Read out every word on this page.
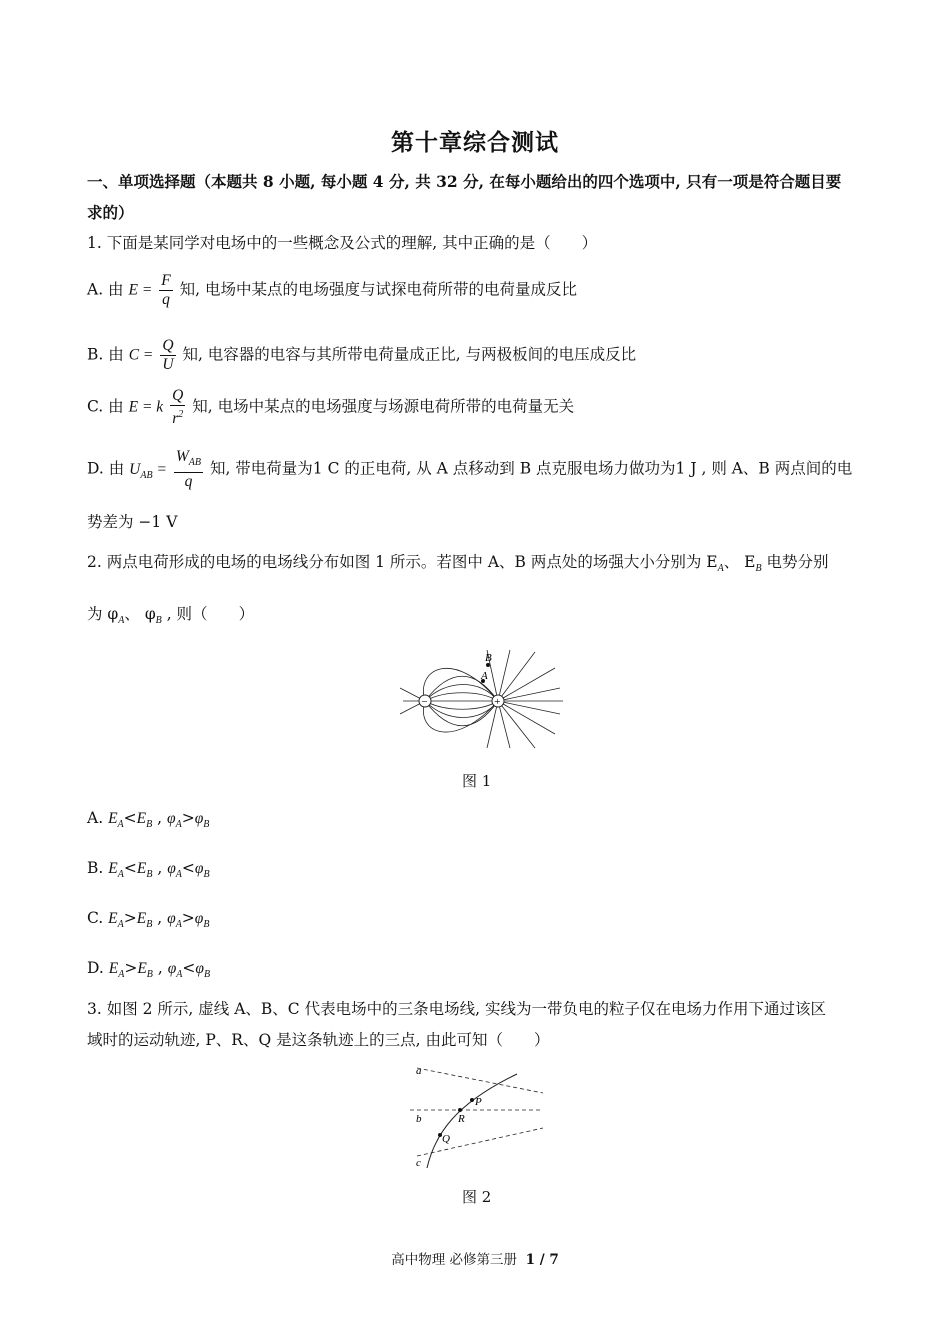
第十章综合测试
一、单项选择题（本题共 8 小题, 每小题 4 分, 共 32 分, 在每小题给出的四个选项中, 只有一项是符合题目要
求的）
1. 下面是某同学对电场中的一些概念及公式的理解, 其中正确的是（　　）
A. 由 $E = \frac{F}{q}$ 知, 电场中某点的电场强度与试探电荷所带的电荷量成反比
B. 由 $C = \frac{Q}{U}$ 知, 电容器的电容与其所带电荷量成正比, 与两极板间的电压成反比
C. 由 E = k $\frac{Q}{r^2}$ 知, 电场中某点的电场强度与场源电荷所带的电荷量无关
D. 由 $U_{AB} = \frac{W_{AB}}{q}$ 知, 带电荷量为1 C 的正电荷, 从 A 点移动到 B 点克服电场力做功为1 J , 则 A、B 两点间的电
势差为 −1 V
2. 两点电荷形成的电场的电场线分布如图 1 所示。若图中 A、B 两点处的场强大小分别为 $E_A$、 $E_B$ 电势分别
为 $\varphi_A$、 $\varphi_B$ , 则（　　）
−	+
B
A
图 1
A. $E_A<E_B$ , $\varphi_A>\varphi_B$
B. $E_A<E_B$ , $\varphi_A<\varphi_B$
C. $E_A>E_B$ , $\varphi_A>\varphi_B$
D. $E_A>E_B$ , $\varphi_A<\varphi_B$
3. 如图 2 所示, 虚线 A、B、C 代表电场中的三条电场线, 实线为一带负电的粒子仅在电场力作用下通过该区
域时的运动轨迹, P、R、Q 是这条轨迹上的三点, 由此可知（　　）
a
b
c
P
R
Q
图 2
高中物理 必修第三册 1 / 7
